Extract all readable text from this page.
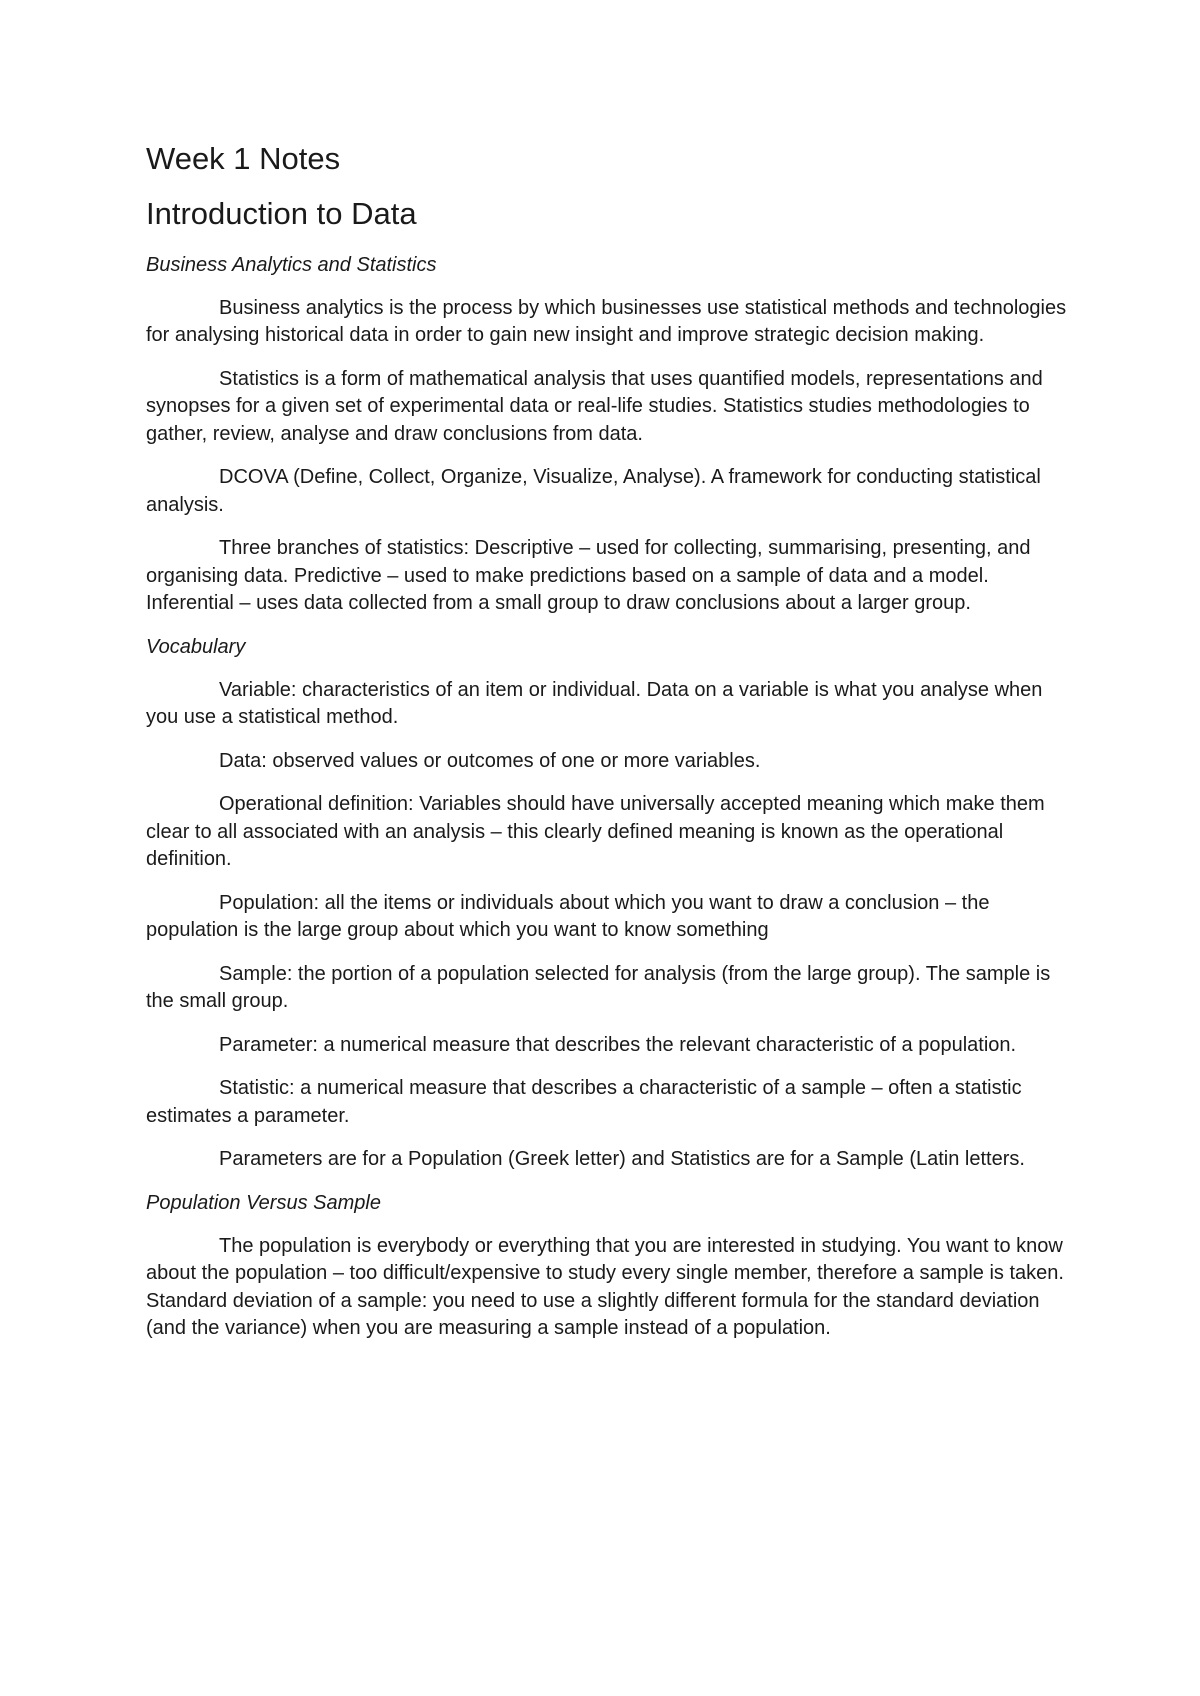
Week 1 Notes
Introduction to Data

Business Analytics and Statistics

Business analytics is the process by which businesses use statistical methods and technologies for analysing historical data in order to gain new insight and improve strategic decision making.

Statistics is a form of mathematical analysis that uses quantified models, representations and synopses for a given set of experimental data or real-life studies. Statistics studies methodologies to gather, review, analyse and draw conclusions from data.

DCOVA (Define, Collect, Organize, Visualize, Analyse). A framework for conducting statistical analysis.

Three branches of statistics: Descriptive – used for collecting, summarising, presenting, and organising data. Predictive – used to make predictions based on a sample of data and a model. Inferential – uses data collected from a small group to draw conclusions about a larger group.

Vocabulary

Variable: characteristics of an item or individual. Data on a variable is what you analyse when you use a statistical method.

Data: observed values or outcomes of one or more variables.

Operational definition: Variables should have universally accepted meaning which make them clear to all associated with an analysis – this clearly defined meaning is known as the operational definition.

Population: all the items or individuals about which you want to draw a conclusion – the population is the large group about which you want to know something

Sample: the portion of a population selected for analysis (from the large group). The sample is the small group.

Parameter: a numerical measure that describes the relevant characteristic of a population.

Statistic: a numerical measure that describes a characteristic of a sample – often a statistic estimates a parameter.

Parameters are for a Population (Greek letter) and Statistics are for a Sample (Latin letters.

Population Versus Sample

The population is everybody or everything that you are interested in studying. You want to know about the population – too difficult/expensive to study every single member, therefore a sample is taken. Standard deviation of a sample: you need to use a slightly different formula for the standard deviation (and the variance) when you are measuring a sample instead of a population.
